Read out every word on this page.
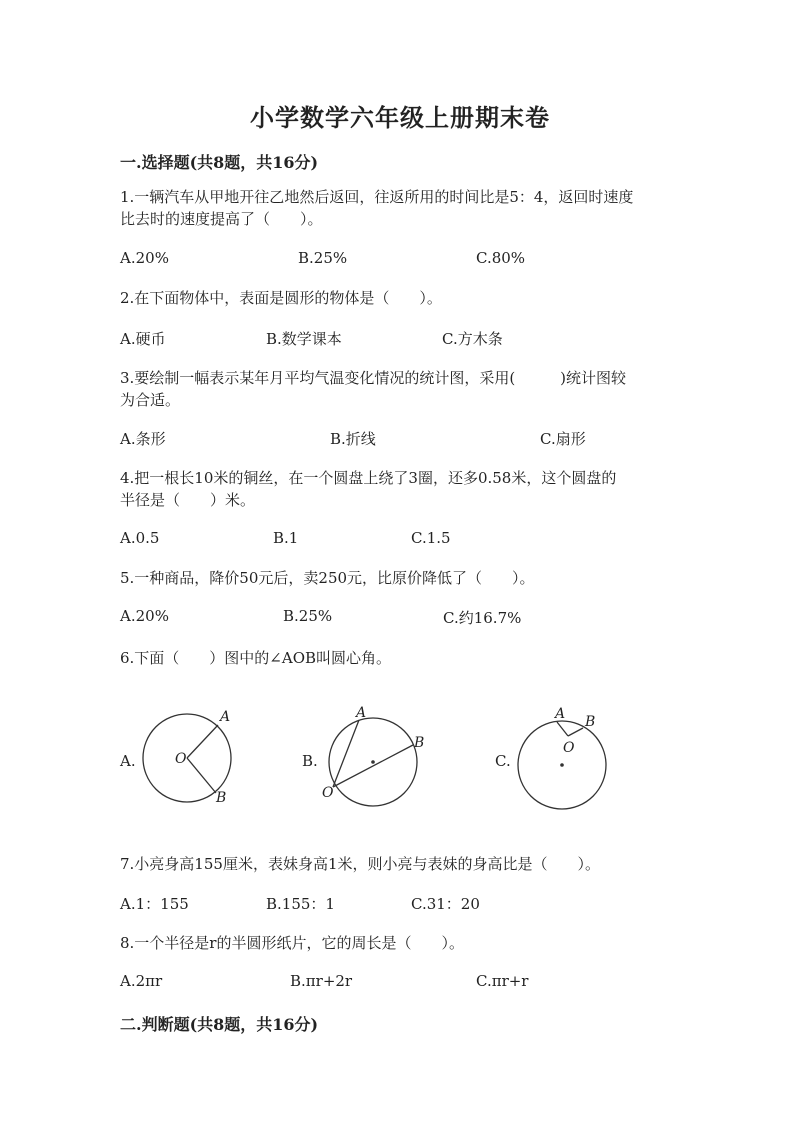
小学数学六年级上册期末卷
一.选择题(共8题，共16分)
1.一辆汽车从甲地开往乙地然后返回，往返所用的时间比是5：4，返回时速度
比去时的速度提高了（　　）。
A.20%	B.25%	C.80%
2.在下面物体中，表面是圆形的物体是（　　）。
A.硬币	B.数学课本	C.方木条
3.要绘制一幅表示某年月平均气温变化情况的统计图，采用(　　　)统计图较
为合适。
A.条形	B.折线	C.扇形
4.把一根长10米的铜丝，在一个圆盘上绕了3圈，还多0.58米，这个圆盘的
半径是（　　）米。
A.0.5	B.1	C.1.5
5.一种商品，降价50元后，卖250元，比原价降低了（　　）。
A.20%	B.25%	C.约16.7%
6.下面（　　）图中的∠AOB叫圆心角。
A.
A
O
B
B.
A
B
O
C.
A B
O
7.小亮身高155厘米，表妹身高1米，则小亮与表妹的身高比是（　　）。
A.1：155	B.155：1	C.31：20
8.一个半径是r的半圆形纸片，它的周长是（　　）。
A.2πr	B.πr+2r	C.πr+r
二.判断题(共8题，共16分)
